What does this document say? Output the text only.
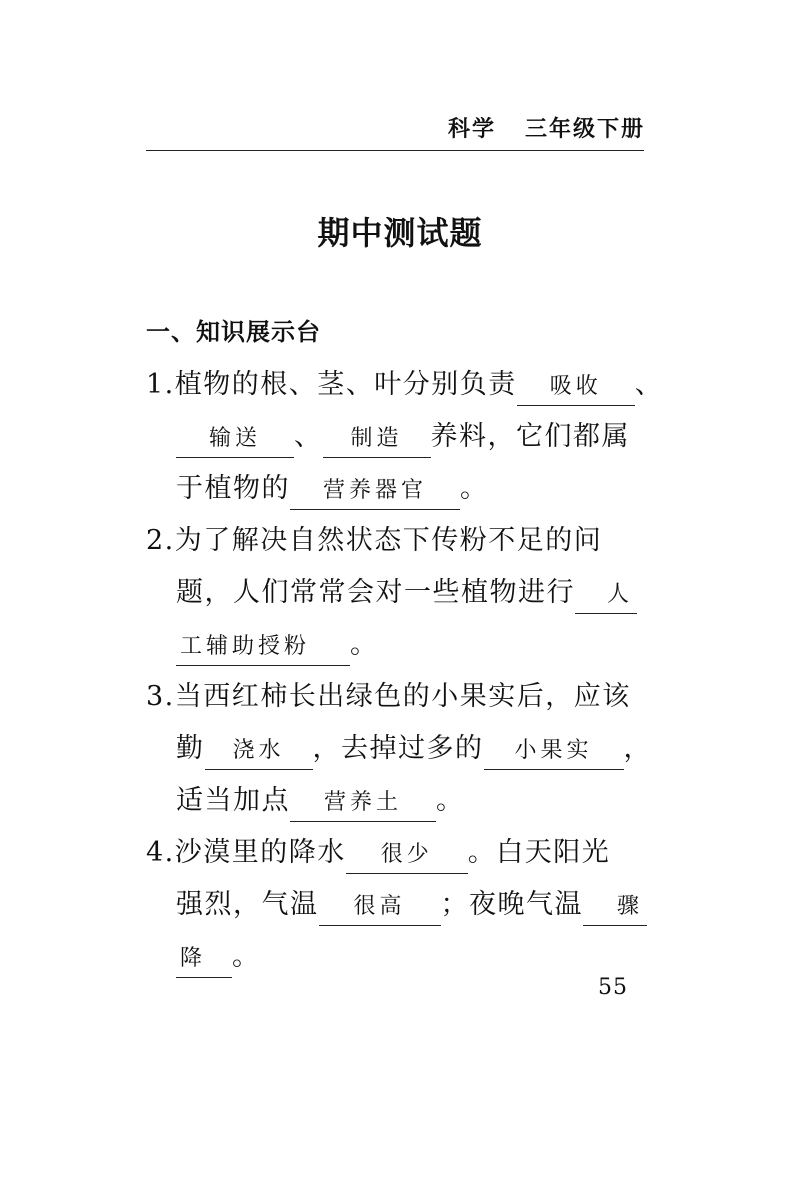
科学 三年级下册
期中测试题
一、知识展示台
1.植物的根、茎、叶分别负责 吸收 、
输送 、 制造 养料，它们都属
于植物的 营养器官 。
2.为了解决自然状态下传粉不足的问
题，人们常常会对一些植物进行 人
工辅助授粉 。
3.当西红柿长出绿色的小果实后，应该
勤 浇水 ，去掉过多的 小果实 ，
适当加点 营养土 。
4.沙漠里的降水 很少 。白天阳光
强烈，气温 很高 ；夜晚气温 骤
降 。
55
